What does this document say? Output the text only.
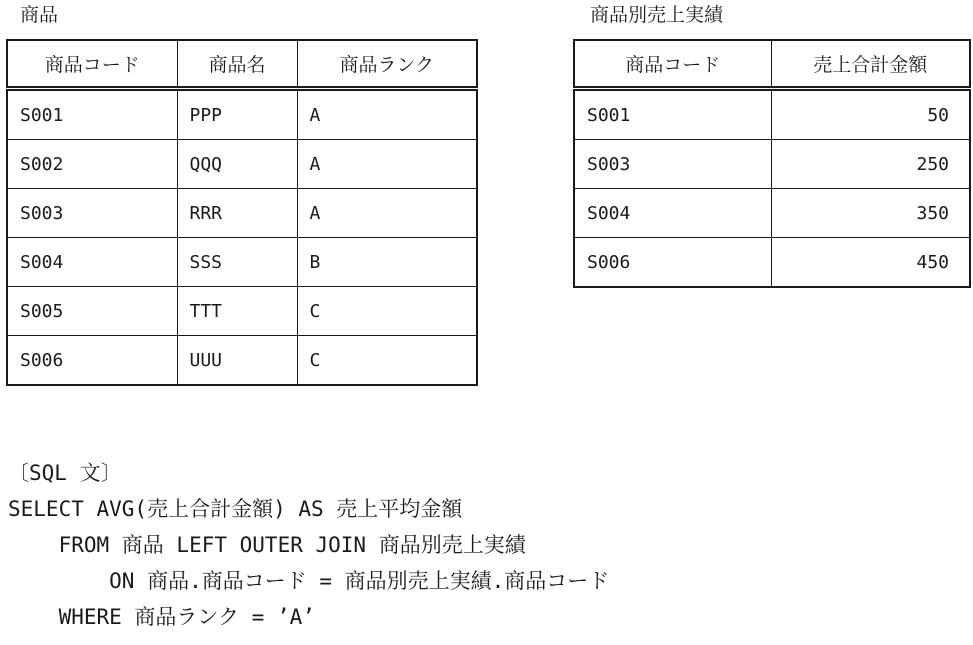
商品
商品コード	商品名	商品ランク
S001	PPP	A
S002	QQQ	A
S003	RRR	A
S004	SSS	B
S005	TTT	C
S006	UUU	C
商品別売上実績
商品コード	売上合計金額
S001	50
S003	250
S004	350
S006	450
〔SQL 文〕
SELECT AVG(売上合計金額) AS 売上平均金額
FROM 商品 LEFT OUTER JOIN 商品別売上実績
ON 商品.商品コード = 商品別売上実績.商品コード
WHERE 商品ランク = ’A’
